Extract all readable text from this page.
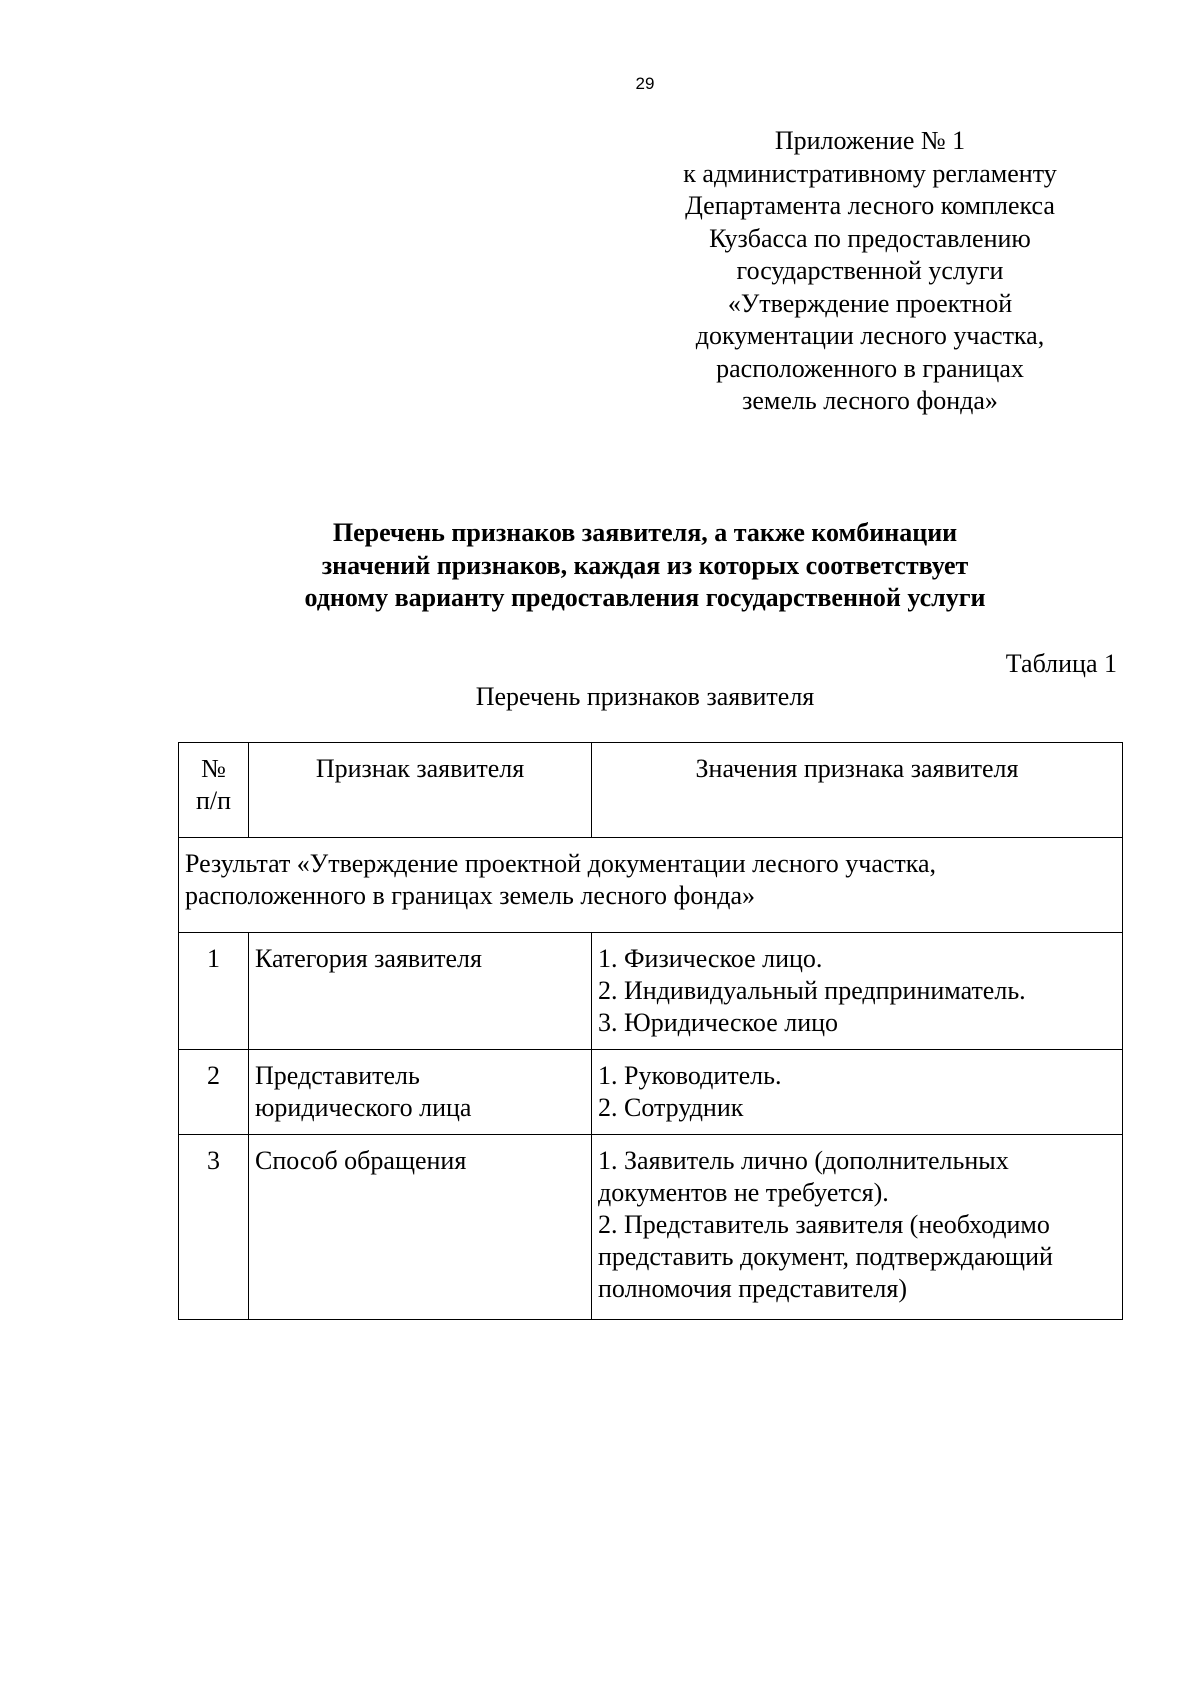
29
Приложение № 1
к административному регламенту
Департамента лесного комплекса
Кузбасса по предоставлению
государственной услуги
«Утверждение проектной
документации лесного участка,
расположенного в границах
земель лесного фонда»
Перечень признаков заявителя, а также комбинации
значений признаков, каждая из которых соответствует
одному варианту предоставления государственной услуги
Таблица 1
Перечень признаков заявителя
№
п/п	Признак заявителя	Значения признака заявителя

Результат «Утверждение проектной документации лесного участка,
расположенного в границах земель лесного фонда»		

1	Категория заявителя	1. Физическое лицо.
2. Индивидуальный предприниматель.
3. Юридическое лицо

2	Представитель
юридического лица	1. Руководитель.
2. Сотрудник

3	Способ обращения	1. Заявитель лично (дополнительных
документов не требуется).
2. Представитель заявителя (необходимо
представить документ, подтверждающий
полномочия представителя)
